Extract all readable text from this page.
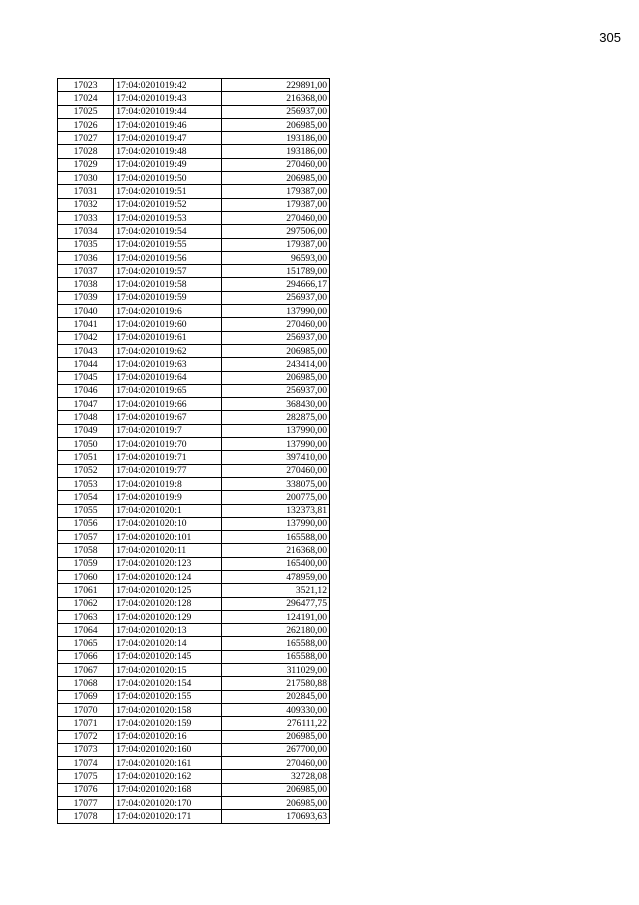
305
17023	17:04:0201019:42	229891,00
17024	17:04:0201019:43	216368,00
17025	17:04:0201019:44	256937,00
17026	17:04:0201019:46	206985,00
17027	17:04:0201019:47	193186,00
17028	17:04:0201019:48	193186,00
17029	17:04:0201019:49	270460,00
17030	17:04:0201019:50	206985,00
17031	17:04:0201019:51	179387,00
17032	17:04:0201019:52	179387,00
17033	17:04:0201019:53	270460,00
17034	17:04:0201019:54	297506,00
17035	17:04:0201019:55	179387,00
17036	17:04:0201019:56	96593,00
17037	17:04:0201019:57	151789,00
17038	17:04:0201019:58	294666,17
17039	17:04:0201019:59	256937,00
17040	17:04:0201019:6	137990,00
17041	17:04:0201019:60	270460,00
17042	17:04:0201019:61	256937,00
17043	17:04:0201019:62	206985,00
17044	17:04:0201019:63	243414,00
17045	17:04:0201019:64	206985,00
17046	17:04:0201019:65	256937,00
17047	17:04:0201019:66	368430,00
17048	17:04:0201019:67	282875,00
17049	17:04:0201019:7	137990,00
17050	17:04:0201019:70	137990,00
17051	17:04:0201019:71	397410,00
17052	17:04:0201019:77	270460,00
17053	17:04:0201019:8	338075,00
17054	17:04:0201019:9	200775,00
17055	17:04:0201020:1	132373,81
17056	17:04:0201020:10	137990,00
17057	17:04:0201020:101	165588,00
17058	17:04:0201020:11	216368,00
17059	17:04:0201020:123	165400,00
17060	17:04:0201020:124	478959,00
17061	17:04:0201020:125	3521,12
17062	17:04:0201020:128	296477,75
17063	17:04:0201020:129	124191,00
17064	17:04:0201020:13	262180,00
17065	17:04:0201020:14	165588,00
17066	17:04:0201020:145	165588,00
17067	17:04:0201020:15	311029,00
17068	17:04:0201020:154	217580,88
17069	17:04:0201020:155	202845,00
17070	17:04:0201020:158	409330,00
17071	17:04:0201020:159	276111,22
17072	17:04:0201020:16	206985,00
17073	17:04:0201020:160	267700,00
17074	17:04:0201020:161	270460,00
17075	17:04:0201020:162	32728,08
17076	17:04:0201020:168	206985,00
17077	17:04:0201020:170	206985,00
17078	17:04:0201020:171	170693,63
